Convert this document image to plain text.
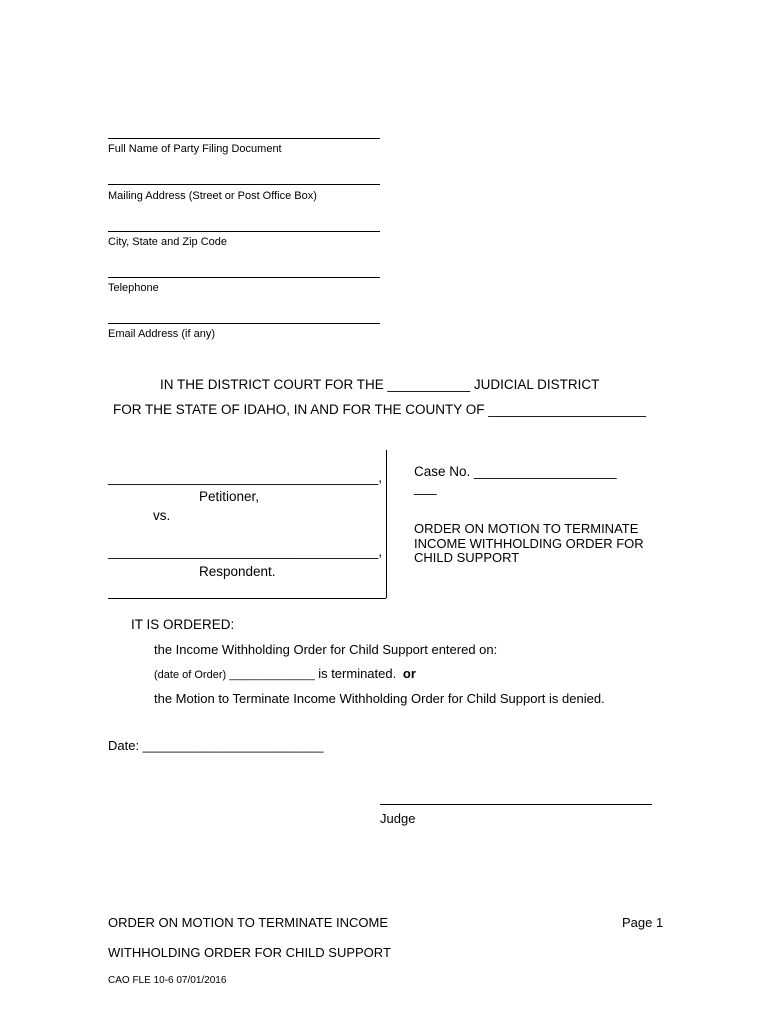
Full Name of Party Filing Document
Mailing Address (Street or Post Office Box)
City, State and Zip Code
Telephone
Email Address (if any)
IN THE DISTRICT COURT FOR THE ___________ JUDICIAL DISTRICT
FOR THE STATE OF IDAHO, IN AND FOR THE COUNTY OF _____________________
____________________________________,
Petitioner,
vs.
____________________________________,
Respondent.
Case No. ___________________
___
ORDER ON MOTION TO TERMINATE
INCOME WITHHOLDING ORDER FOR
CHILD SUPPORT
IT IS ORDERED:
the Income Withholding Order for Child Support entered on:
(date of Order) ______________ is terminated. or
the Motion to Terminate Income Withholding Order for Child Support is denied.
Date: _________________________
Judge
ORDER ON MOTION TO TERMINATE INCOME	Page 1
WITHHOLDING ORDER FOR CHILD SUPPORT
CAO FLE 10-6 07/01/2016
